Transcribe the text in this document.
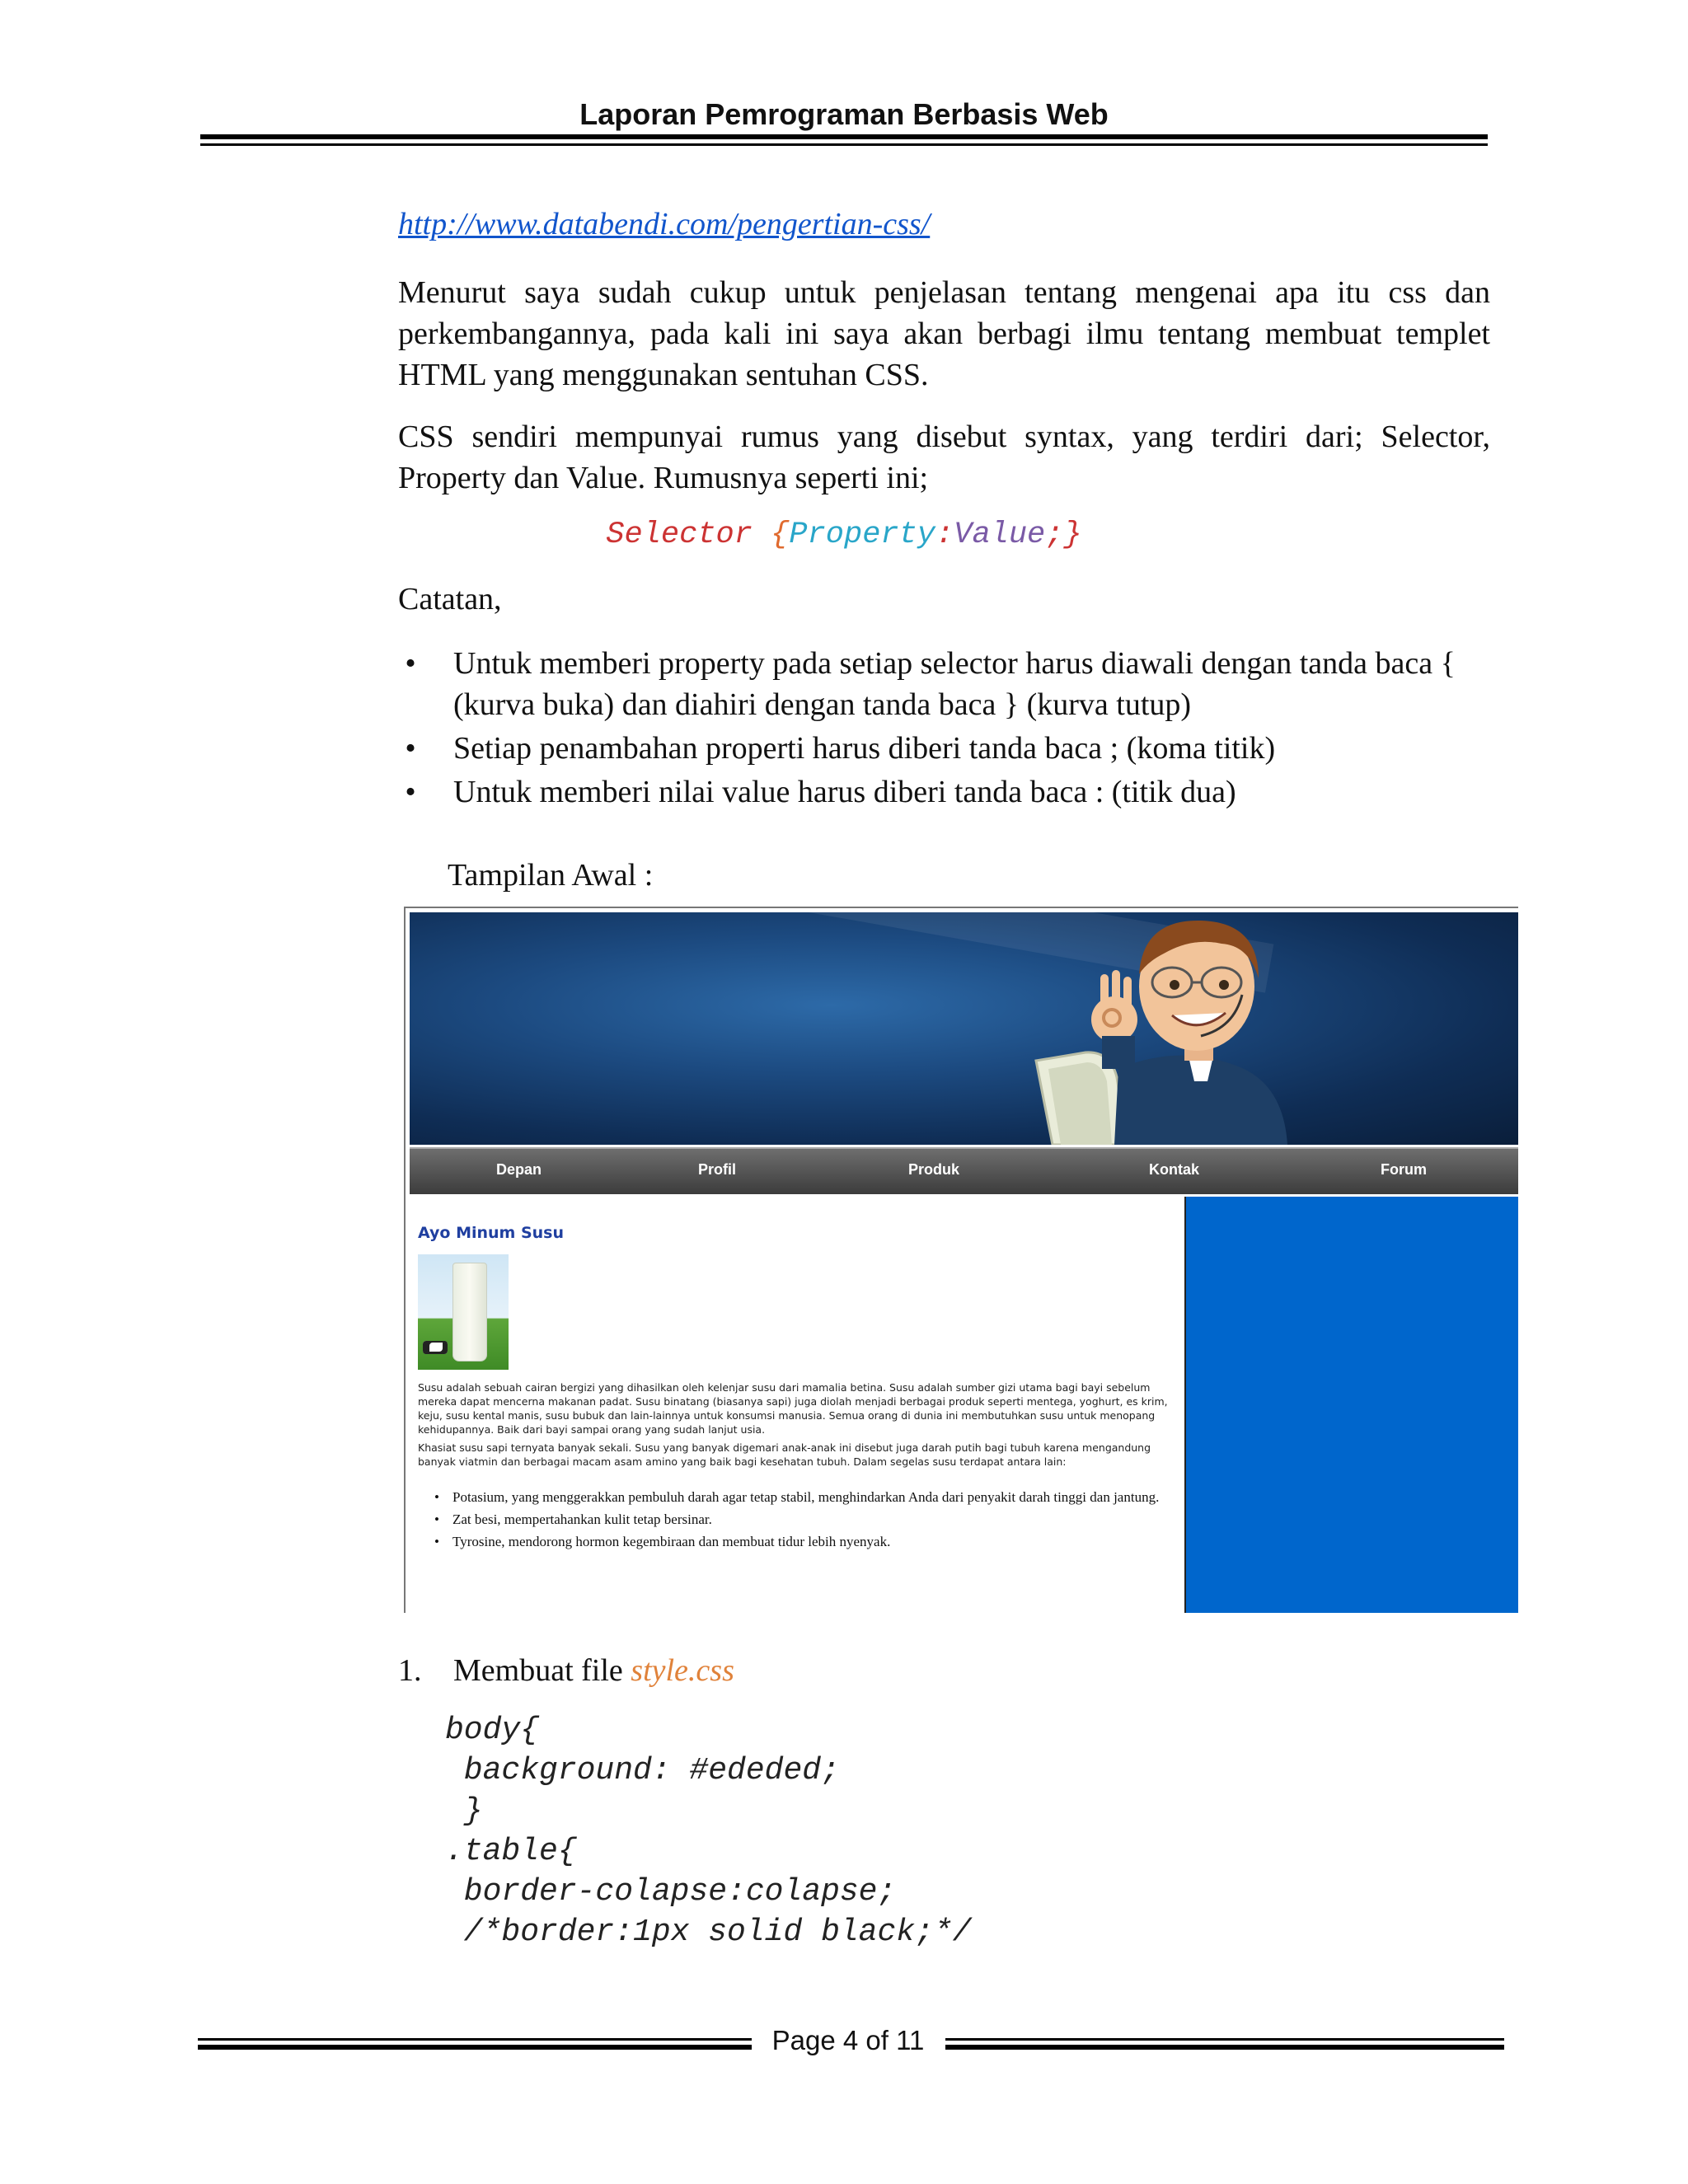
Laporan Pemrograman Berbasis Web
http://www.databendi.com/pengertian-css/
Menurut saya sudah cukup untuk penjelasan tentang mengenai apa itu css dan perkembangannya, pada kali ini saya akan berbagi ilmu tentang membuat templet HTML yang menggunakan sentuhan CSS.
CSS sendiri mempunyai rumus yang disebut syntax, yang terdiri dari; Selector, Property dan Value. Rumusnya seperti ini;
Selector {Property:Value;}
Catatan,
• Untuk memberi property pada setiap selector harus diawali dengan tanda baca { (kurva buka) dan diahiri dengan tanda baca } (kurva tutup)
• Setiap penambahan properti harus diberi tanda baca ; (koma titik)
• Untuk memberi nilai value harus diberi tanda baca : (titik dua)
Tampilan Awal :
Depan	Profil	Produk	Kontak	Forum
Ayo Minum Susu
Susu adalah sebuah cairan bergizi yang dihasilkan oleh kelenjar susu dari mamalia betina. Susu adalah sumber gizi utama bagi bayi sebelum mereka dapat mencerna makanan padat. Susu binatang (biasanya sapi) juga diolah menjadi berbagai produk seperti mentega, yoghurt, es krim, keju, susu kental manis, susu bubuk dan lain-lainnya untuk konsumsi manusia. Semua orang di dunia ini membutuhkan susu untuk menopang kehidupannya. Baik dari bayi sampai orang yang sudah lanjut usia.
Khasiat susu sapi ternyata banyak sekali. Susu yang banyak digemari anak-anak ini disebut juga darah putih bagi tubuh karena mengandung banyak viatmin dan berbagai macam asam amino yang baik bagi kesehatan tubuh. Dalam segelas susu terdapat antara lain:
• Potasium, yang menggerakkan pembuluh darah agar tetap stabil, menghindarkan Anda dari penyakit darah tinggi dan jantung.
• Zat besi, mempertahankan kulit tetap bersinar.
• Tyrosine, mendorong hormon kegembiraan dan membuat tidur lebih nyenyak.
1. Membuat file style.css
body{
background: #ededed;
}
.table{
border-colapse:colapse;
/*border:1px solid black;*/
Page 4 of 11
